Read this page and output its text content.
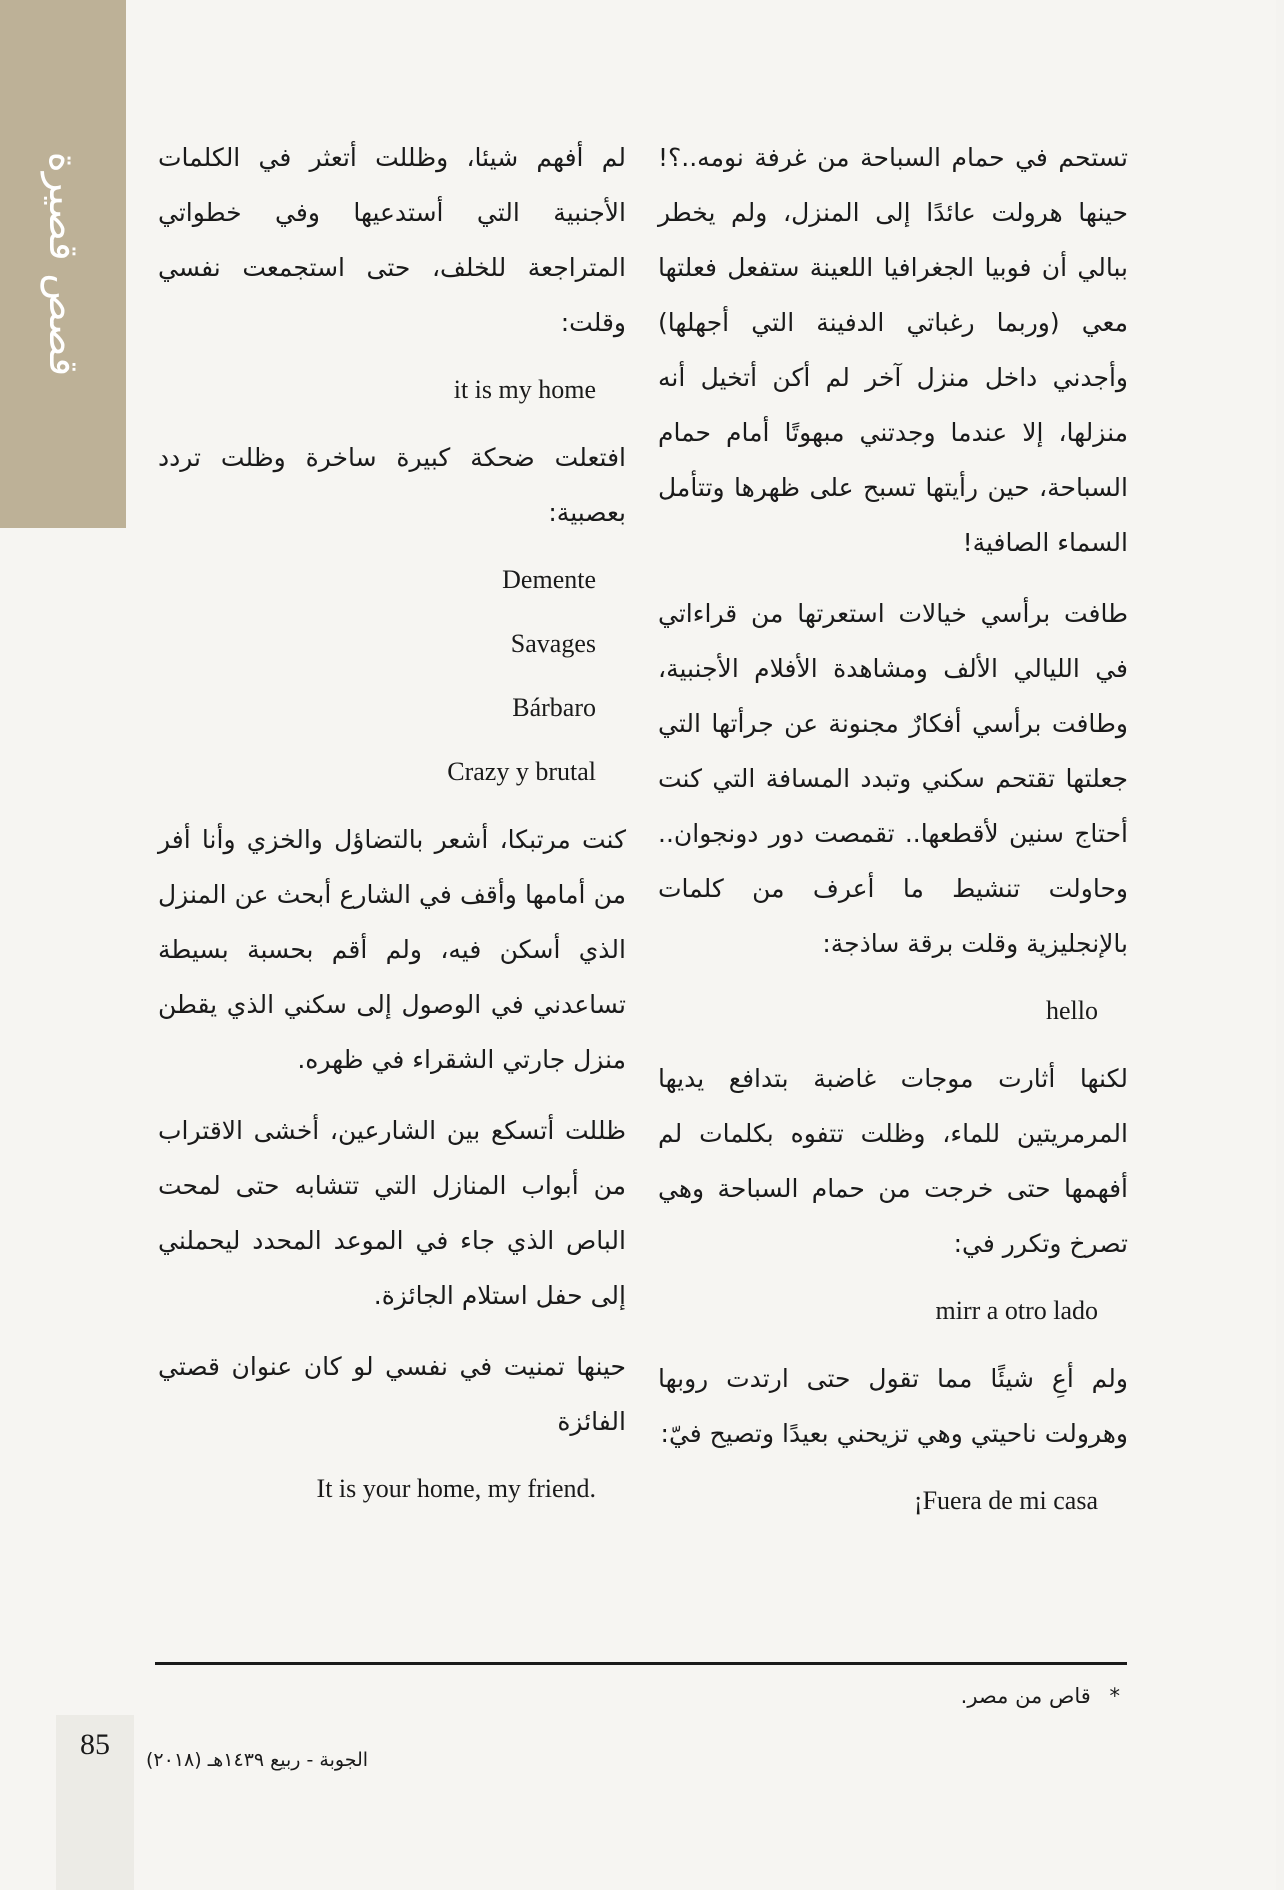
قصص قصيرة	تستحم في حمام السباحة من غرفة نومه..؟! حينها هرولت عائدًا إلى المنزل، ولم يخطر ببالي أن فوبيا الجغرافيا اللعينة ستفعل فعلتها معي (وربما رغباتي الدفينة التي أجهلها) وأجدني داخل منزل آخر لم أكن أتخيل أنه منزلها، إلا عندما وجدتني مبهوتًا أمام حمام السباحة، حين رأيتها تسبح على ظهرها وتتأمل السماء الصافية!

طافت برأسي خيالات استعرتها من قراءاتي في الليالي الألف ومشاهدة الأفلام الأجنبية، وطافت برأسي أفكارٌ مجنونة عن جرأتها التي جعلتها تقتحم سكني وتبدد المسافة التي كنت أحتاج سنين لأقطعها.. تقمصت دور دونجوان.. وحاولت تنشيط ما أعرف من كلمات بالإنجليزية وقلت برقة ساذجة:

hello

لكنها أثارت موجات غاضبة بتدافع يديها المرمريتين للماء، وظلت تتفوه بكلمات لم أفهمها حتى خرجت من حمام السباحة وهي تصرخ وتكرر في:

mirr a otro lado

ولم أعِ شيئًا مما تقول حتى ارتدت روبها وهرولت ناحيتي وهي تزيحني بعيدًا وتصيح فيّ:

¡Fuera de mi casa

لم أفهم شيئا، وظللت أتعثر في الكلمات الأجنبية التي أستدعيها وفي خطواتي المتراجعة للخلف، حتى استجمعت نفسي وقلت:

it is my home

افتعلت ضحكة كبيرة ساخرة وظلت تردد بعصبية:

Demente
Savages
Bárbaro
Crazy y brutal

كنت مرتبكا، أشعر بالتضاؤل والخزي وأنا أفر من أمامها وأقف في الشارع أبحث عن المنزل الذي أسكن فيه، ولم أقم بحسبة بسيطة تساعدني في الوصول إلى سكني الذي يقطن منزل جارتي الشقراء في ظهره.

ظللت أتسكع بين الشارعين، أخشى الاقتراب من أبواب المنازل التي تتشابه حتى لمحت الباص الذي جاء في الموعد المحدد ليحملني إلى حفل استلام الجائزة.

حينها تمنيت في نفسي لو كان عنوان قصتي الفائزة

.It is your home, my friend
* قاص من مصر.
85	الجوبة - ربيع ١٤٣٩هـ (٢٠١٨)
